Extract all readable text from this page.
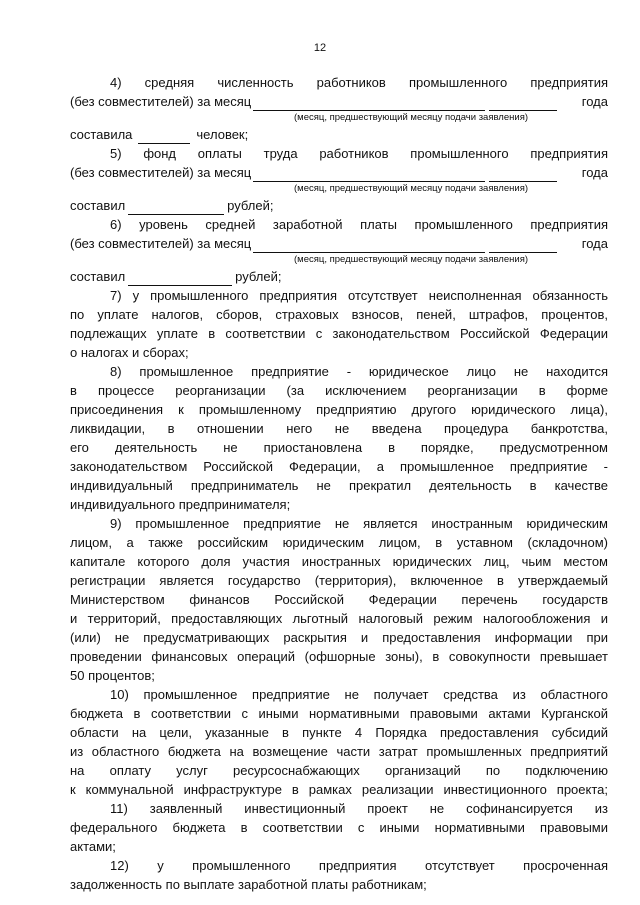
12
4) средняя численность работников промышленного предприятия
(без совместителей) за месяц	года
(месяц, предшествующий месяцу подачи заявления)
составила	человек;
5) фонд оплаты труда работников промышленного предприятия
(без совместителей) за месяц	года
(месяц, предшествующий месяцу подачи заявления)
составил	рублей;
6) уровень средней заработной платы промышленного предприятия
(без совместителей) за месяц	года
(месяц, предшествующий месяцу подачи заявления)
составил	рублей;
7) у промышленного предприятия отсутствует неисполненная обязанность
по уплате налогов, сборов, страховых взносов, пеней, штрафов, процентов,
подлежащих уплате в соответствии с законодательством Российской Федерации
о налогах и сборах;
8) промышленное предприятие - юридическое лицо не находится
в процессе реорганизации (за исключением реорганизации в форме
присоединения к промышленному предприятию другого юридического лица),
ликвидации, в отношении него не введена процедура банкротства,
его деятельность не приостановлена в порядке, предусмотренном
законодательством Российской Федерации, а промышленное предприятие -
индивидуальный предприниматель не прекратил деятельность в качестве
индивидуального предпринимателя;
9) промышленное предприятие не является иностранным юридическим
лицом, а также российским юридическим лицом, в уставном (складочном)
капитале которого доля участия иностранных юридических лиц, чьим местом
регистрации является государство (территория), включенное в утверждаемый
Министерством финансов Российской Федерации перечень государств
и территорий, предоставляющих льготный налоговый режим налогообложения и
(или) не предусматривающих раскрытия и предоставления информации при
проведении финансовых операций (офшорные зоны), в совокупности превышает
50 процентов;
10) промышленное предприятие не получает средства из областного
бюджета в соответствии с иными нормативными правовыми актами Курганской
области на цели, указанные в пункте 4 Порядка предоставления субсидий
из областного бюджета на возмещение части затрат промышленных предприятий
на оплату услуг ресурсоснабжающих организаций по подключению
к коммунальной инфраструктуре в рамках реализации инвестиционного проекта;
11) заявленный инвестиционный проект не софинансируется из
федерального бюджета в соответствии с иными нормативными правовыми
актами;
12) у промышленного предприятия отсутствует просроченная
задолженность по выплате заработной платы работникам;
